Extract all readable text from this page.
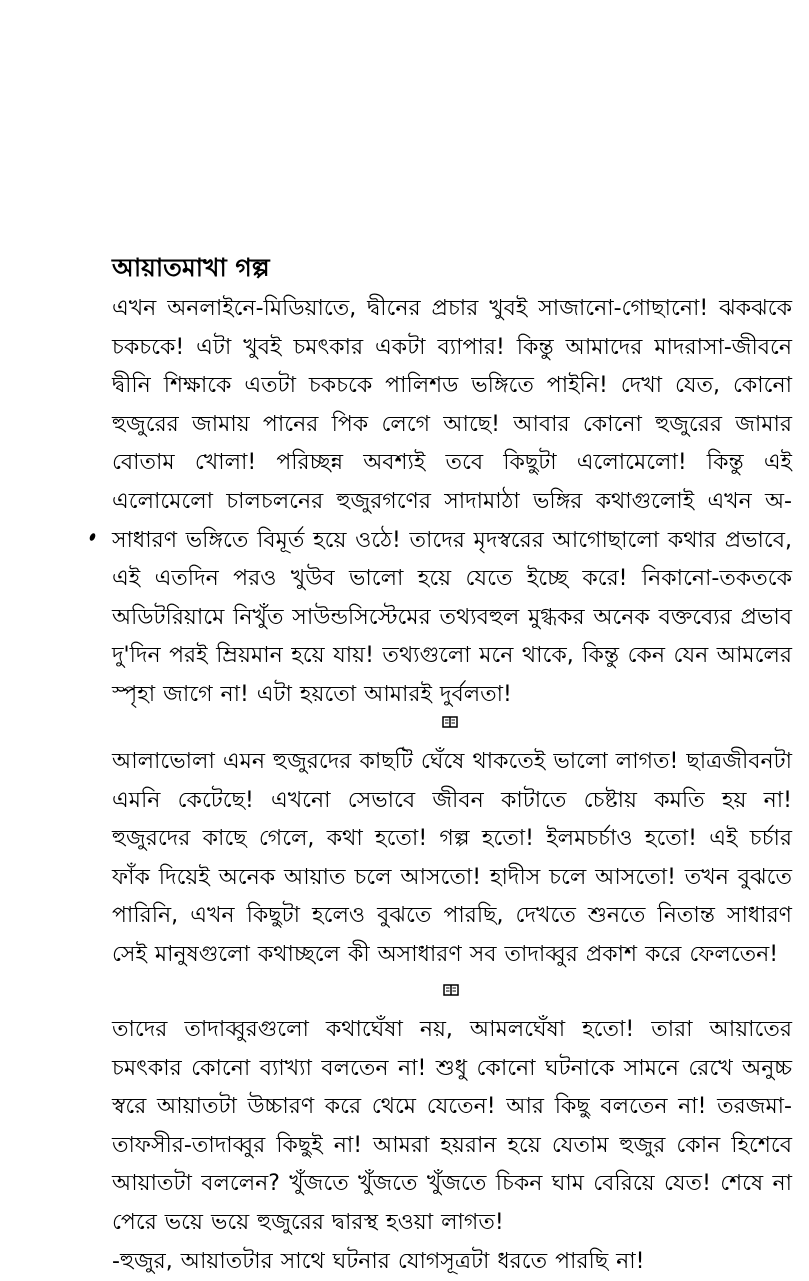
আয়াতমাখা গল্প
এখন অনলাইনে-মিডিয়াতে, দ্বীনের প্রচার খুবই সাজানো-গোছানো! ঝকঝকে চকচকে! এটা খুবই চমৎকার একটা ব্যাপার! কিন্তু আমাদের মাদরাসা-জীবনে দ্বীনি শিক্ষাকে এতটা চকচকে পালিশড ভঙ্গিতে পাইনি! দেখা যেত, কোনো হুজুরের জামায় পানের পিক লেগে আছে! আবার কোনো হুজুরের জামার বোতাম খোলা! পরিচ্ছন্ন অবশ্যই তবে কিছুটা এলোমেলো! কিন্তু এই এলোমেলো চালচলনের হুজুরগণের সাদামাঠা ভঙ্গির কথাগুলোই এখন অ-সাধারণ ভঙ্গিতে বিমূর্ত হয়ে ওঠে! তাদের মৃদস্বরের আগোছালো কথার প্রভাবে, এই এতদিন পরও খুউব ভালো হয়ে যেতে ইচ্ছে করে! নিকানো-তকতকে অডিটরিয়ামে নিখুঁত সাউন্ডসিস্টেমের তথ্যবহুল মুগ্ধকর অনেক বক্তব্যের প্রভাব দু'দিন পরই ম্রিয়মান হয়ে যায়! তথ্যগুলো মনে থাকে, কিন্তু কেন যেন আমলের স্পৃহা জাগে না! এটা হয়তো আমারই দুর্বলতা!
আলাভোলা এমন হুজুরদের কাছটি ঘেঁষে থাকতেই ভালো লাগত! ছাত্রজীবনটা এমনি কেটেছে! এখনো সেভাবে জীবন কাটাতে চেষ্টায় কমতি হয় না! হুজুরদের কাছে গেলে, কথা হতো! গল্প হতো! ইলমচর্চাও হতো! এই চর্চার ফাঁক দিয়েই অনেক আয়াত চলে আসতো! হাদীস চলে আসতো! তখন বুঝতে পারিনি, এখন কিছুটা হলেও বুঝতে পারছি, দেখতে শুনতে নিতান্ত সাধারণ সেই মানুষগুলো কথাচ্ছলে কী অসাধারণ সব তাদাব্বুর প্রকাশ করে ফেলতেন!
তাদের তাদাব্বুরগুলো কথাঘেঁষা নয়, আমলঘেঁষা হতো! তারা আয়াতের চমৎকার কোনো ব্যাখ্যা বলতেন না! শুধু কোনো ঘটনাকে সামনে রেখে অনুচ্চ স্বরে আয়াতটা উচ্চারণ করে থেমে যেতেন! আর কিছু বলতেন না! তরজমা-তাফসীর-তাদাব্বুর কিছুই না! আমরা হয়রান হয়ে যেতাম হুজুর কোন হিশেবে আয়াতটা বললেন? খুঁজতে খুঁজতে খুঁজতে চিকন ঘাম বেরিয়ে যেত! শেষে না পেরে ভয়ে ভয়ে হুজুরের দ্বারস্থ হওয়া লাগত!
-হুজুর, আয়াতটার সাথে ঘটনার যোগসূত্রটা ধরতে পারছি না!
